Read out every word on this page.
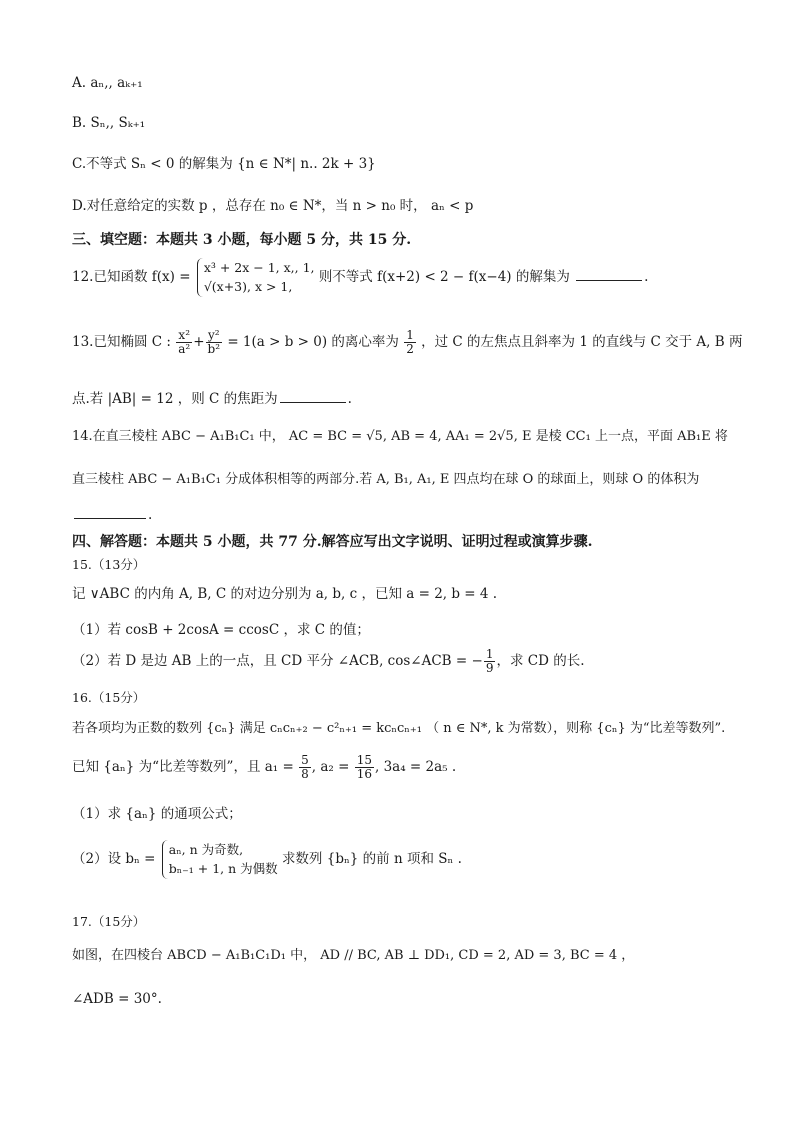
A. aₙ,, aₖ₊₁
B. Sₙ,, Sₖ₊₁
C.不等式 Sₙ < 0 的解集为 {n ∈ N*| n.. 2k + 3}
D.对任意给定的实数 p ，总存在 n₀ ∈ N*，当 n > n₀ 时， aₙ < p
三、填空题：本题共 3 小题，每小题 5 分，共 15 分.
12.已知函数 f(x) =
x³ + 2x − 1, x,, 1,
√(x+3), x > 1,
则不等式 f(x+2) < 2 − f(x−4) 的解集为	.
13.已知椭圆 C : $\frac{\text{x²}}{\text{a²}} + \frac{\text{y²}}{\text{b²}} = 1(a > b > 0)$ 的离心率为 $\frac{1}{2}$ ，过 C 的左焦点且斜率为 1 的直线与 C 交于 A, B 两
点.若 |AB| = 12 ，则 C 的焦距为	.
14.在直三棱柱 ABC − A₁B₁C₁ 中， AC = BC = √5, AB = 4, AA₁ = 2√5, E 是棱 CC₁ 上一点，平面 AB₁E 将
直三棱柱 ABC − A₁B₁C₁ 分成体积相等的两部分.若 A, B₁, A₁, E 四点均在球 O 的球面上，则球 O 的体积为
.
四、解答题：本题共 5 小题，共 77 分.解答应写出文字说明、证明过程或演算步骤.
15.（13分）
记 ∨ABC 的内角 A, B, C 的对边分别为 a, b, c ，已知 a = 2, b = 4 .
（1）若 cosB + 2cosA = ccosC ，求 C 的值；
（2）若 D 是边 AB 上的一点，且 CD 平分 ∠ACB, cos∠ACB = − $\frac{1}{9}$ ，求 CD 的长.
16.（15分）
若各项均为正数的数列 {cₙ} 满足 cₙcₙ₊₂ − c²ₙ₊₁ = kcₙcₙ₊₁ （ n ∈ N*, k 为常数），则称 {cₙ} 为“比差等数列”.
已知 {aₙ} 为“比差等数列”，且 $a_1 = \frac{5}{8}$ , $a_2 = \frac{15}{16}$ , 3a₄ = 2a₅ .
（1）求 {aₙ} 的通项公式；
（2）设 bₙ =
aₙ, n 为奇数,
bₙ₋₁ + 1, n 为偶数
求数列 {bₙ} 的前 n 项和 Sₙ .
17.（15分）
如图，在四棱台 ABCD − A₁B₁C₁D₁ 中， AD // BC, AB ⊥ DD₁, CD = 2, AD = 3, BC = 4 ，
∠ADB = 30°.
